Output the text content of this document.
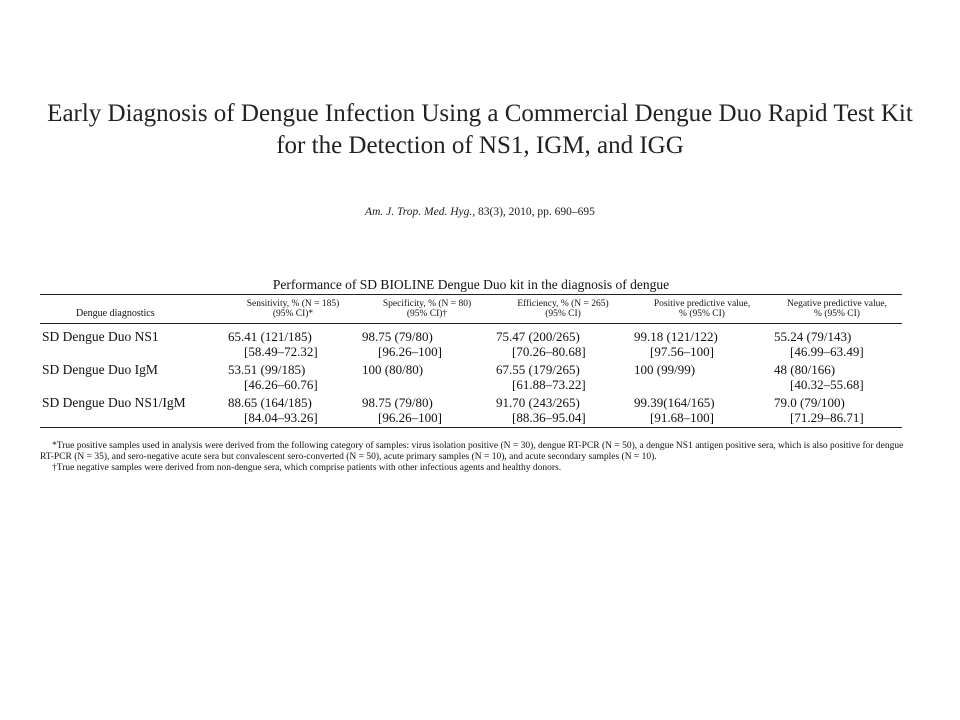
Early Diagnosis of Dengue Infection Using a Commercial Dengue Duo Rapid Test Kit
for the Detection of NS1, IGM, and IGG
Am. J. Trop. Med. Hyg., 83(3), 2010, pp. 690–695
Performance of SD BIOLINE Dengue Duo kit in the diagnosis of dengue
Dengue diagnostics	Sensitivity, % (N = 185)
(95% CI)*	Specificity, % (N = 80)
(95% CI)†	Efficiency, % (N = 265)
(95% CI)	Positive predictive value,
% (95% CI)	Negative predictive value,
% (95% CI)
SD Dengue Duo NS1	65.41 (121/185)
[58.49–72.32]	98.75 (79/80)
[96.26–100]	75.47 (200/265)
[70.26–80.68]	99.18 (121/122)
[97.56–100]	55.24 (79/143)
[46.99–63.49]

SD Dengue Duo IgM	53.51 (99/185)
[46.26–60.76]	100 (80/80)	67.55 (179/265)
[61.88–73.22]	100 (99/99)	48 (80/166)
[40.32–55.68]

SD Dengue Duo NS1/IgM	88.65 (164/185)
[84.04–93.26]	98.75 (79/80)
[96.26–100]	91.70 (243/265)
[88.36–95.04]	99.39(164/165)
[91.68–100]	79.0 (79/100)
[71.29–86.71]

*True positive samples used in analysis were derived from the following category of samples: virus isolation positive (N = 30), dengue RT-PCR (N = 50), a dengue NS1 antigen positive sera, which is also positive for dengue RT-PCR (N = 35), and sero-negative acute sera but convalescent sero-converted (N = 50), acute primary samples (N = 10), and acute secondary samples (N = 10).

†True negative samples were derived from non-dengue sera, which comprise patients with other infectious agents and healthy donors.
